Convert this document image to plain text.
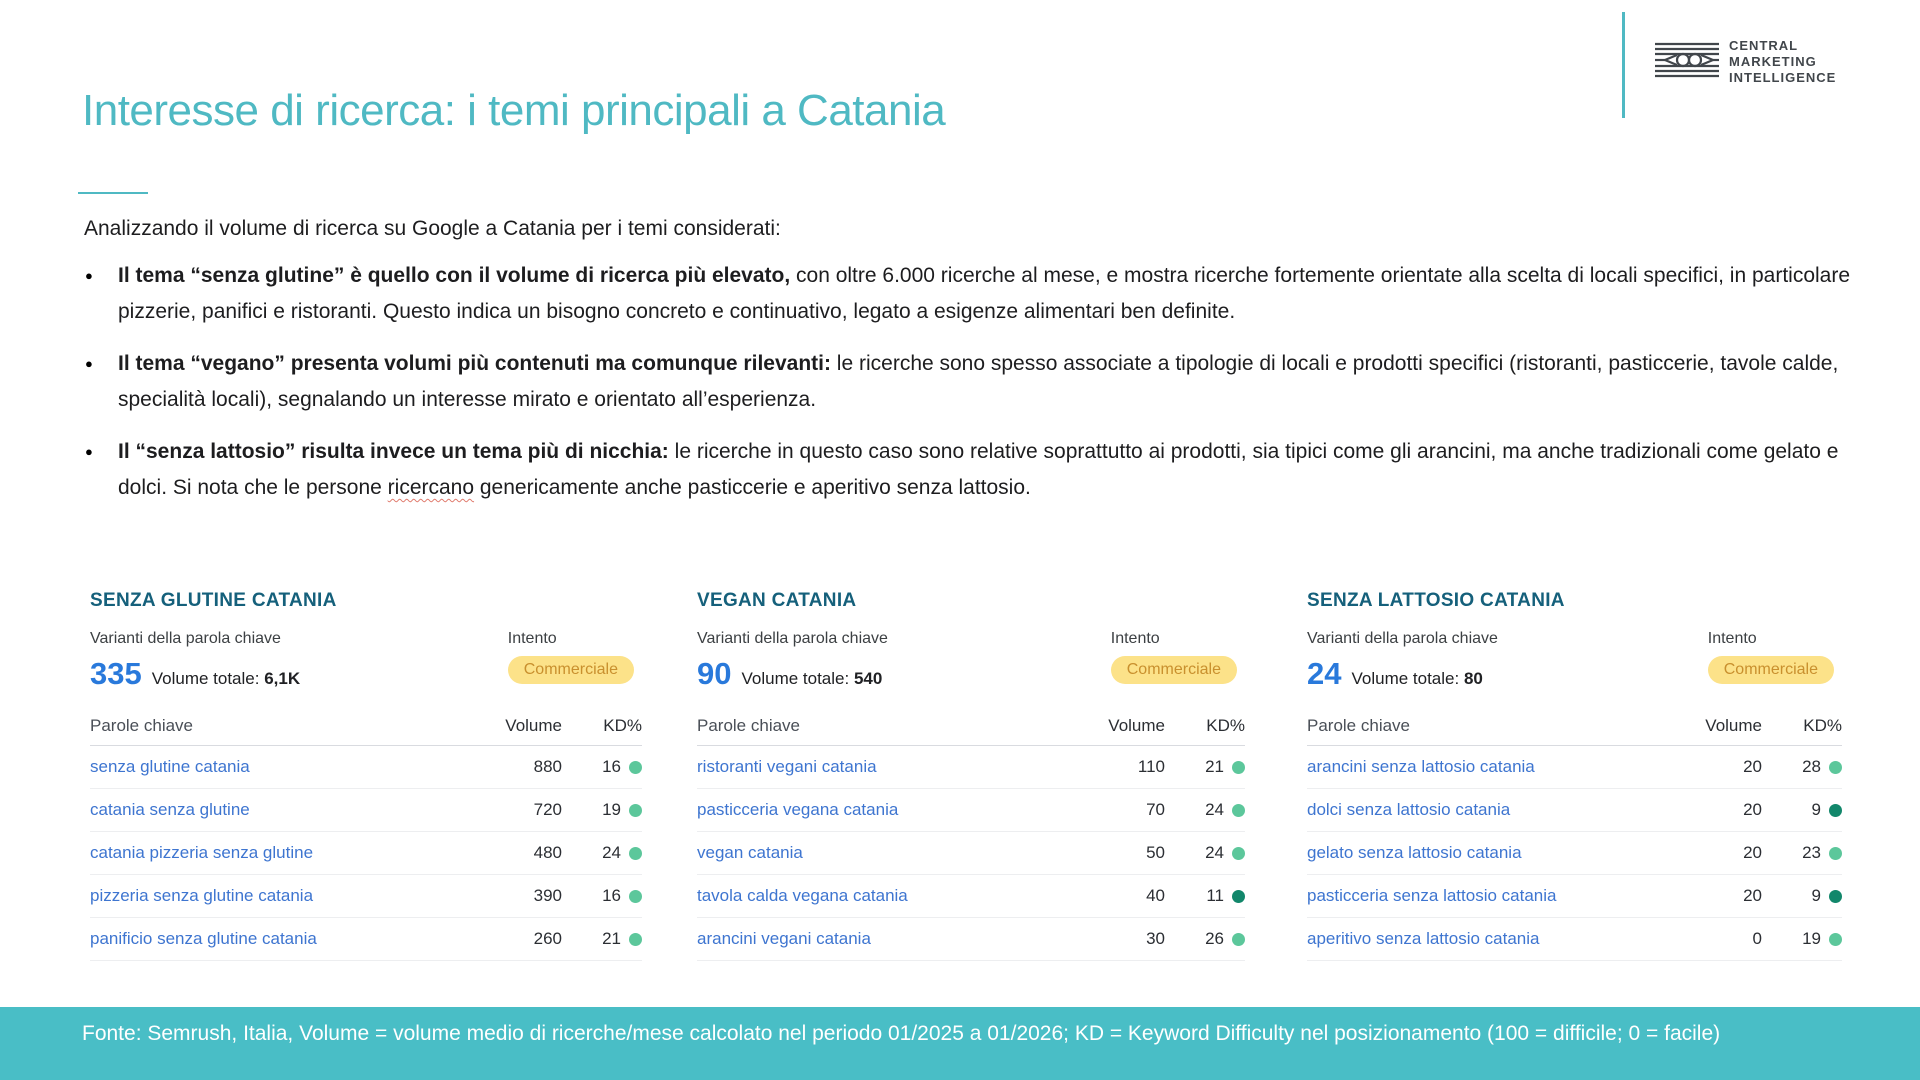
CENTRAL
MARKETING
INTELLIGENCE
Interesse di ricerca: i temi principali a Catania

Analizzando il volume di ricerca su Google a Catania per i temi considerati:

● Il tema “senza glutine” è quello con il volume di ricerca più elevato, con oltre 6.000 ricerche al mese, e mostra ricerche fortemente orientate alla scelta di locali specifici, in particolare pizzerie, panifici e ristoranti. Questo indica un bisogno concreto e continuativo, legato a esigenze alimentari ben definite.
● Il tema “vegano” presenta volumi più contenuti ma comunque rilevanti: le ricerche sono spesso associate a tipologie di locali e prodotti specifici (ristoranti, pasticcerie, tavole calde, specialità locali), segnalando un interesse mirato e orientato all’esperienza.
● Il “senza lattosio” risulta invece un tema più di nicchia: le ricerche in questo caso sono relative soprattutto ai prodotti, sia tipici come gli arancini, ma anche tradizionali come gelato e dolci. Si nota che le persone ricercano genericamente anche pasticcerie e aperitivo senza lattosio.
SENZA GLUTINE CATANIA
Varianti della parola chiave
335 Volume totale: 6,1K
Intento
Commerciale
Parole chiave	Volume	KD%
senza glutine catania	880 16
catania senza glutine	720 19
catania pizzeria senza glutine	480 24
pizzeria senza glutine catania	390 16
panificio senza glutine catania	260 21
VEGAN CATANIA
Varianti della parola chiave
90 Volume totale: 540
Intento
Commerciale
Parole chiave	Volume	KD%
ristoranti vegani catania	110 21
pasticceria vegana catania	70 24
vegan catania	50 24
tavola calda vegana catania	40 11
arancini vegani catania	30 26
SENZA LATTOSIO CATANIA
Varianti della parola chiave
24 Volume totale: 80
Intento
Commerciale
Parole chiave	Volume	KD%
arancini senza lattosio catania	20 28
dolci senza lattosio catania	20	9
gelato senza lattosio catania	20 23
pasticceria senza lattosio catania	20	9
aperitivo senza lattosio catania	0 19

Fonte: Semrush, Italia, Volume = volume medio di ricerche/mese calcolato nel periodo 01/2025 a 01/2026; KD = Keyword Difficulty nel posizionamento (100 = difficile; 0 = facile)
